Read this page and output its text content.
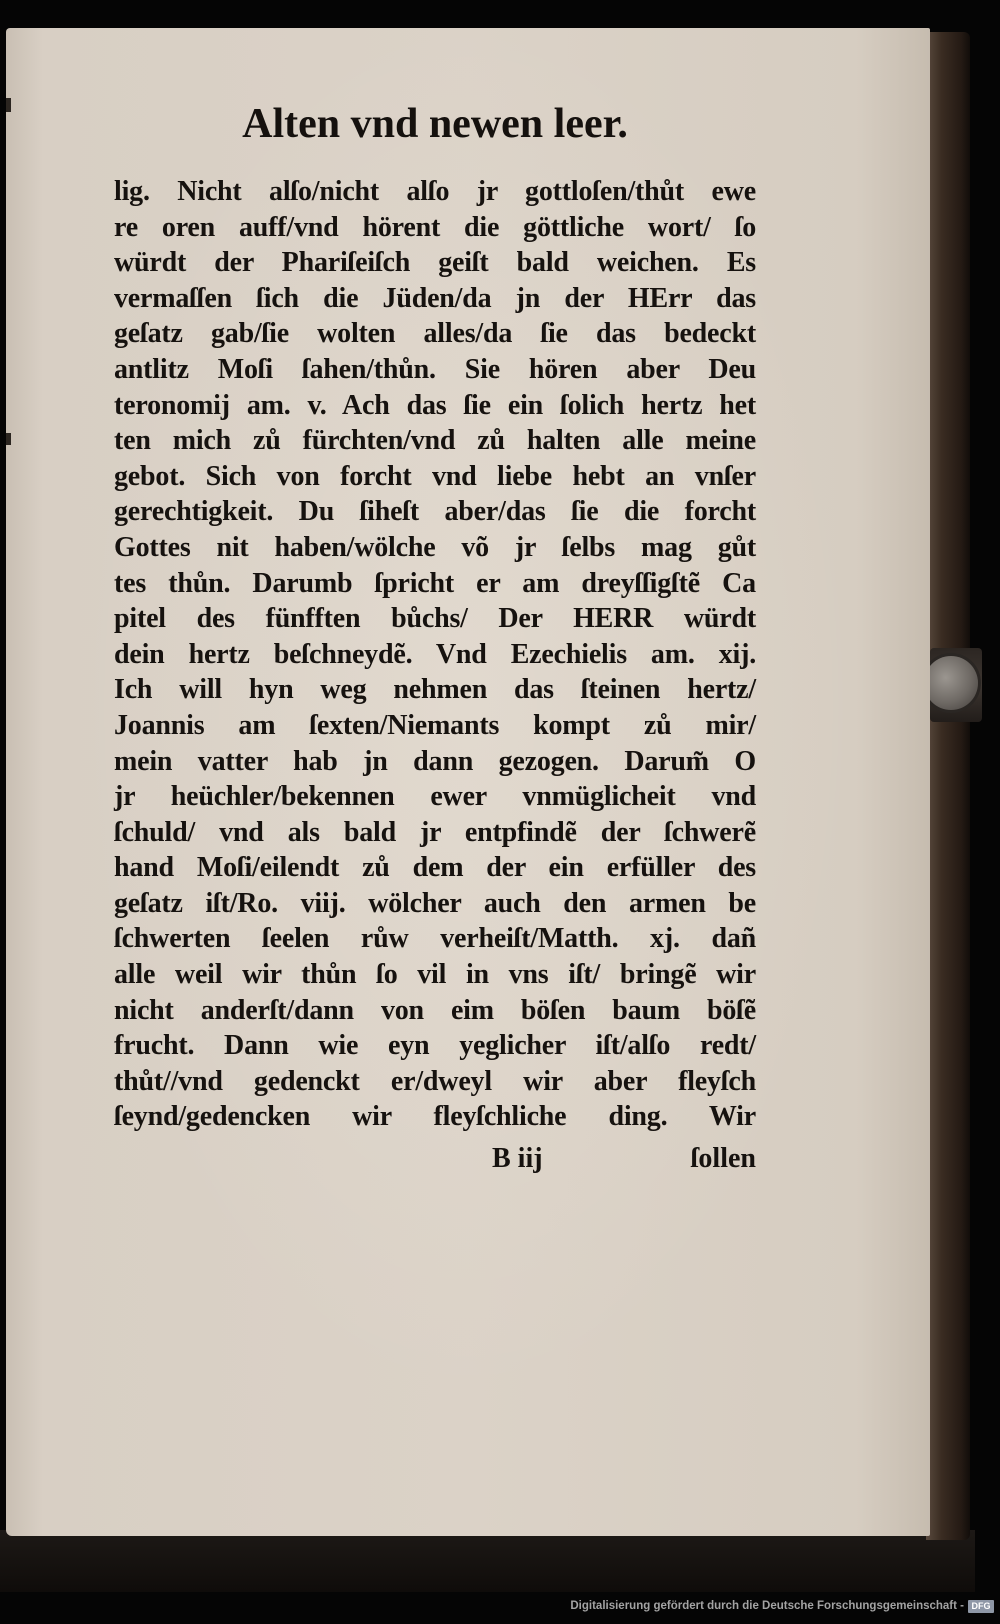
Alten vnd newen leer.
lig. Nicht alſo/nicht alſo jr gottloſen/thůt ewe
re oren auff/vnd hörent die göttliche wort/ ſo
würdt der Phariſeiſch geiſt bald weichen. Es
vermaſſen ſich die Jüden/da jn der HErr das
geſatz gab/ſie wolten alles/da ſie das bedeckt
antlitz Moſi ſahen/thůn. Sie hören aber Deu
teronomij am. v. Ach das ſie ein ſolich hertz het
ten mich zů fürchten/vnd zů halten alle meine
gebot. Sich von forcht vnd liebe hebt an vnſer
gerechtigkeit. Du ſiheſt aber/das ſie die forcht
Gottes nit haben/wölche võ jr ſelbs mag gůt
tes thůn. Darumb ſpricht er am dreyſſigſtẽ Ca
pitel des fünfften bůchs/ Der HERR würdt
dein hertz beſchneydẽ. Vnd Ezechielis am. xij.
Ich will hyn weg nehmen das ſteinen hertz/
Joannis am ſexten/Niemants kompt zů mir/
mein vatter hab jn dann gezogen. Darum̃ O
jr heüchler/bekennen ewer vnmüglicheit vnd
ſchuld/ vnd als bald jr entpfindẽ der ſchwerẽ
hand Moſi/eilendt zů dem der ein erfüller des
geſatz iſt/Ro. viij. wölcher auch den armen be
ſchwerten ſeelen růw verheiſt/Matth. xj. dañ
alle weil wir thůn ſo vil in vns iſt/ bringẽ wir
nicht anderſt/dann von eim böſen baum böſẽ
frucht. Dann wie eyn yeglicher iſt/alſo redt/
thůt//vnd gedenckt er/dweyl wir aber fleyſch
ſeynd/gedencken wir fleyſchliche ding. Wir
B iij	ſollen
Digitalisierung gefördert durch die Deutsche Forschungsgemeinschaft - DFG
